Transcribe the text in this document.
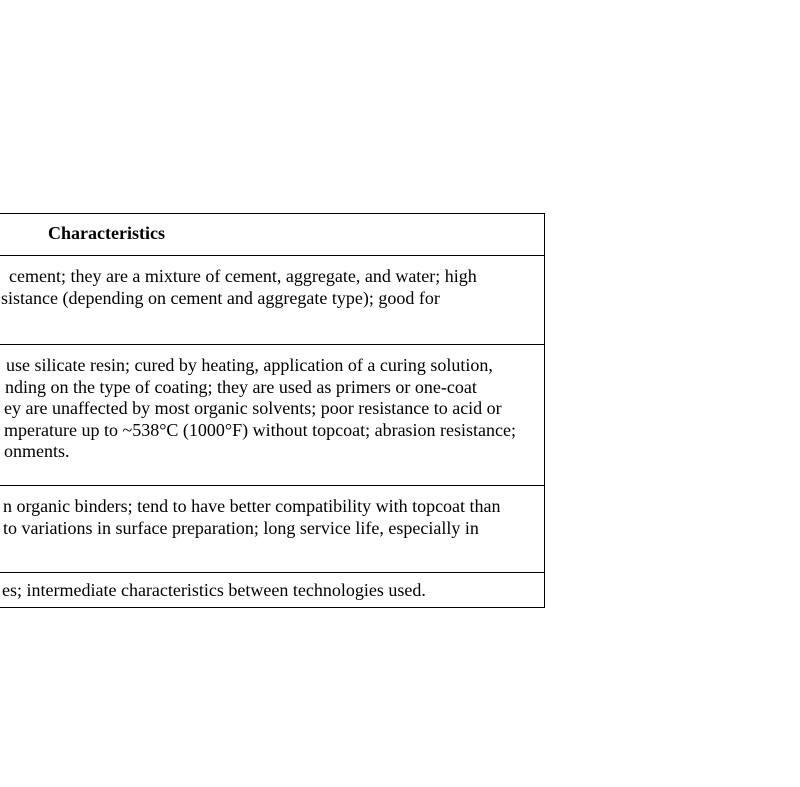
Characteristics
cement; they are a mixture of cement, aggregate, and water; high
sistance (depending on cement and aggregate type); good for
use silicate resin; cured by heating, application of a curing solution,
nding on the type of coating; they are used as primers or one-coat
ey are unaffected by most organic solvents; poor resistance to acid or
mperature up to ~538°C (1000°F) without topcoat; abrasion resistance;
onments.
n organic binders; tend to have better compatibility with topcoat than
to variations in surface preparation; long service life, especially in
es; intermediate characteristics between technologies used.
